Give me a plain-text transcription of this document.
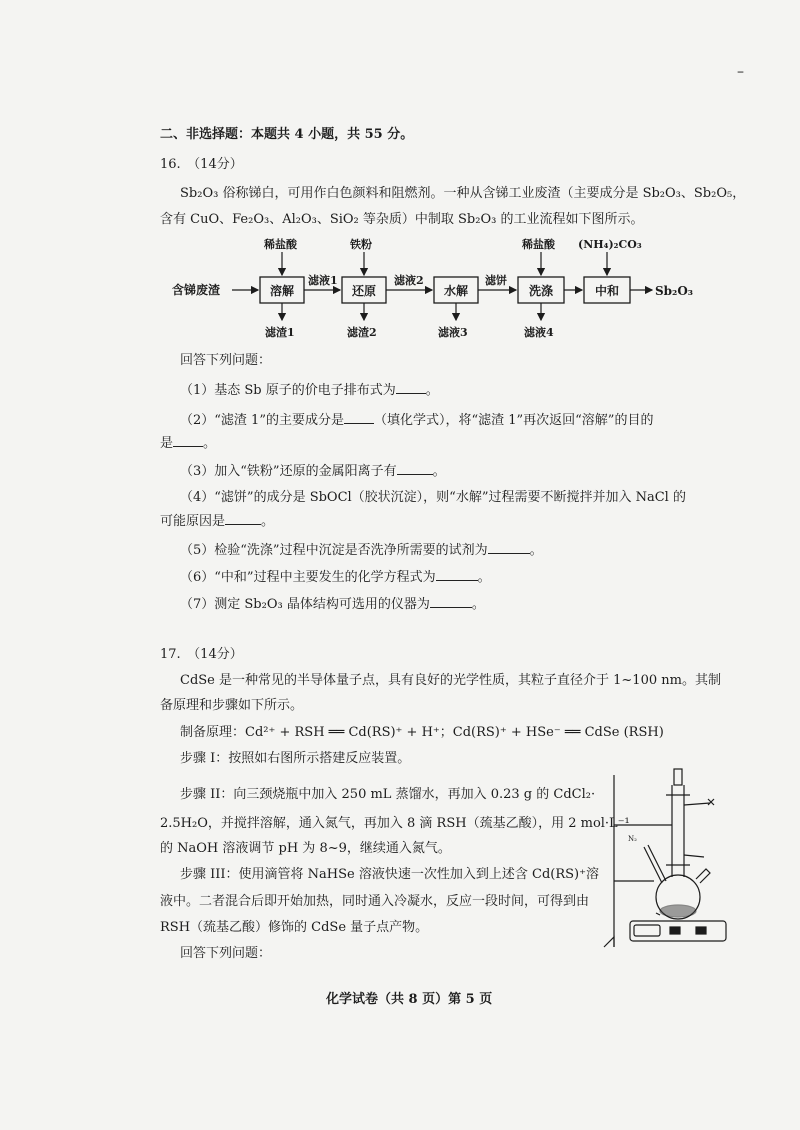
–
二、非选择题：本题共 4 小题，共 55 分。
16.　（14分）
Sb₂O₃ 俗称锑白，可用作白色颜料和阻燃剂。一种从含锑工业废渣（主要成分是 Sb₂O₃、Sb₂O₅，
含有 CuO、Fe₂O₃、Al₂O₃、SiO₂ 等杂质）中制取 Sb₂O₃ 的工业流程如下图所示。
含锑废渣	溶解	还原	水解	洗涤	中和
滤液1	滤液2	滤饼
Sb₂O₃
稀盐酸	铁粉	稀盐酸 (NH₄)₂CO₃
滤渣1	滤渣2	滤液3	滤液4
回答下列问题：
（1）基态 Sb 原子的价电子排布式为 。
（2）“滤渣 1”的主要成分是 （填化学式），将“滤渣 1”再次返回“溶解”的目的
是 。
（3）加入“铁粉”还原的金属阳离子有	。
（4）“滤饼”的成分是 SbOCl（胶状沉淀），则“水解”过程需要不断搅拌并加入 NaCl 的
可能原因是	。
（5）检验“洗涤”过程中沉淀是否洗净所需要的试剂为	。
（6）“中和”过程中主要发生的化学方程式为	。
（7）测定 Sb₂O₃ 晶体结构可选用的仪器为	。
17.　（14分）
CdSe 是一种常见的半导体量子点，具有良好的光学性质，其粒子直径介于 1~100 nm。其制
备原理和步骤如下所示。
制备原理：Cd²⁺ + RSH ══ Cd(RS)⁺ + H⁺；Cd(RS)⁺ + HSe⁻ ══ CdSe (RSH)
步骤 I：按照如右图所示搭建反应装置。
步骤 II：向三颈烧瓶中加入 250 mL 蒸馏水，再加入 0.23 g 的 CdCl₂·
2.5H₂O，并搅拌溶解，通入氮气，再加入 8 滴 RSH（巯基乙酸），用 2 mol·L⁻¹
的 NaOH 溶液调节 pH 为 8~9，继续通入氮气。
步骤 III：使用滴管将 NaHSe 溶液快速一次性加入到上述含 Cd(RS)⁺溶
液中。二者混合后即开始加热，同时通入冷凝水，反应一段时间，可得到由
RSH（巯基乙酸）修饰的 CdSe 量子点产物。
回答下列问题：
N₂
化学试卷（共 8 页）第 5 页
